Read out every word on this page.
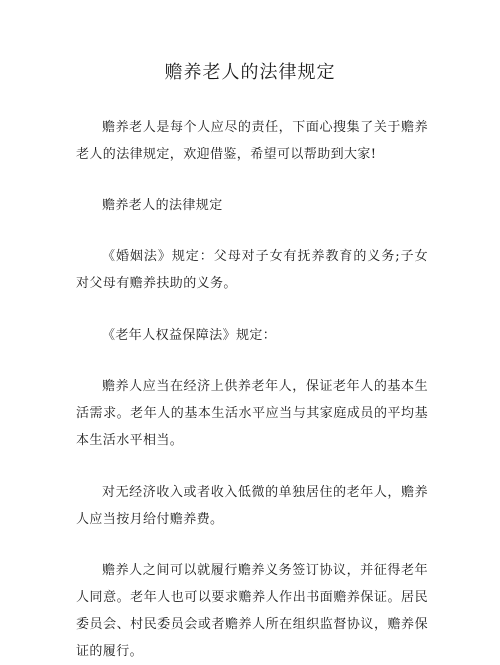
赡养老人的法律规定
赡养老人是每个人应尽的责任，下面心搜集了关于赡养老人的法律规定，欢迎借鉴，希望可以帮助到大家!
赡养老人的法律规定
《婚姻法》规定：父母对子女有抚养教育的义务;子女对父母有赡养扶助的义务。
《老年人权益保障法》规定：
赡养人应当在经济上供养老年人，保证老年人的基本生活需求。老年人的基本生活水平应当与其家庭成员的平均基本生活水平相当。
对无经济收入或者收入低微的单独居住的老年人，赡养人应当按月给付赡养费。
赡养人之间可以就履行赡养义务签订协议，并征得老年人同意。老年人也可以要求赡养人作出书面赡养保证。居民委员会、村民委员会或者赡养人所在组织监督协议，赡养保证的履行。
